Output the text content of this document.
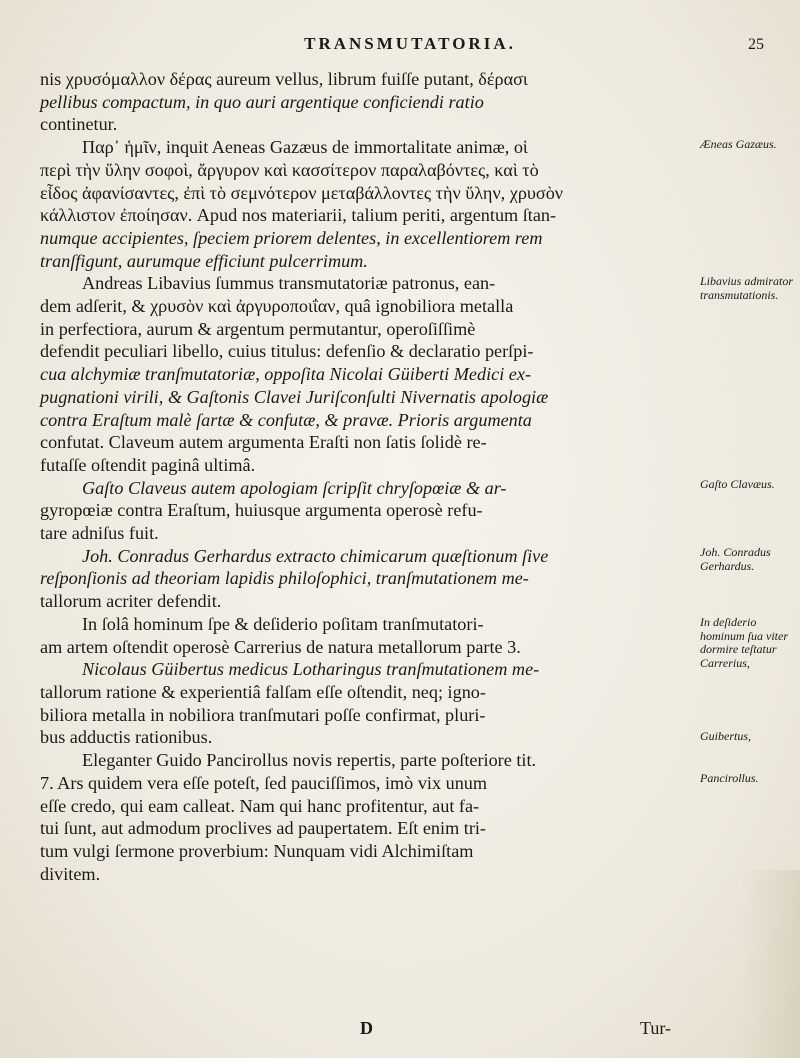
TRANSMUTATORIA.	25
nis χρυσόμαλλον δέρας aureum vellus, librum fuiſſe putant, δέρασι
pellibus compactum, in quo auri argentique conficiendi ratio
continetur.
Παρ᾽ ἡμῖν, inquit Aeneas Gazæus de immortalitate animæ, οἱ
περὶ τὴν ὕλην σοφοὶ, ἄργυρον καὶ κασσίτερον παραλαβόντες, καὶ τὸ
εἶδος ἀφανίσαντες, ἐπὶ τὸ σεμνότερον μεταβάλλοντες τὴν ὕλην, χρυσὸν
κάλλιστον ἐποίησαν. Apud nos materiarii, talium periti, argentum ſtan-
numque accipientes, ſpeciem priorem delentes, in excellentiorem rem
tranſfigunt, aurumque efficiunt pulcerrimum.
Andreas Libavius ſummus transmutatoriæ patronus, ean-
dem adſerit, & χρυσὸν καὶ ἀργυροποιΐαν, quâ ignobiliora metalla
in perfectiora, aurum & argentum permutantur, operoſiſſimè
defendit peculiari libello, cuius titulus: defenſio & declaratio perſpi-
cua alchymiæ tranſmutatoriæ, oppoſita Nicolai Güiberti Medici ex-
pugnationi virili, & Gaſtonis Clavei Juriſconſulti Nivernatis apologiæ
contra Eraſtum malè ſartæ & confutæ, & pravæ. Prioris argumenta
confutat. Claveum autem argumenta Eraſti non ſatis ſolidè re-
futaſſe oſtendit paginâ ultimâ.
Gaſto Claveus autem apologiam ſcripſit chryſopœiæ & ar-
gyropœiæ contra Eraſtum, huiusque argumenta operosè refu-
tare adniſus fuit.
Joh. Conradus Gerhardus extracto chimicarum quæſtionum ſive
reſponſionis ad theoriam lapidis philoſophici, tranſmutationem me-
tallorum acriter defendit.
In ſolâ hominum ſpe & deſiderio poſitam tranſmutatori-
am artem oſtendit operosè Carrerius de natura metallorum parte 3.
Nicolaus Güibertus medicus Lotharingus tranſmutationem me-
tallorum ratione & experientiâ falſam eſſe oſtendit, neq; igno-
biliora metalla in nobiliora tranſmutari poſſe confirmat, pluri-
bus adductis rationibus.
Eleganter Guido Pancirollus novis repertis, parte poſteriore tit.
7. Ars quidem vera eſſe poteſt, ſed pauciſſimos, imò vix unum
eſſe credo, qui eam calleat. Nam qui hanc profitentur, aut fa-
tui ſunt, aut admodum proclives ad paupertatem. Eſt enim tri-
tum vulgi ſermone proverbium: Nunquam vidi Alchimiſtam
divitem.
Æneas Gazæus.
Libavius admirator transmutationis.
Gaſto Clavæus.
Joh. Conradus Gerhardus.
In deſiderio hominum ſua viter dormire teſtatur Carrerius,
Guibertus,
Pancirollus.
D	Tur-
